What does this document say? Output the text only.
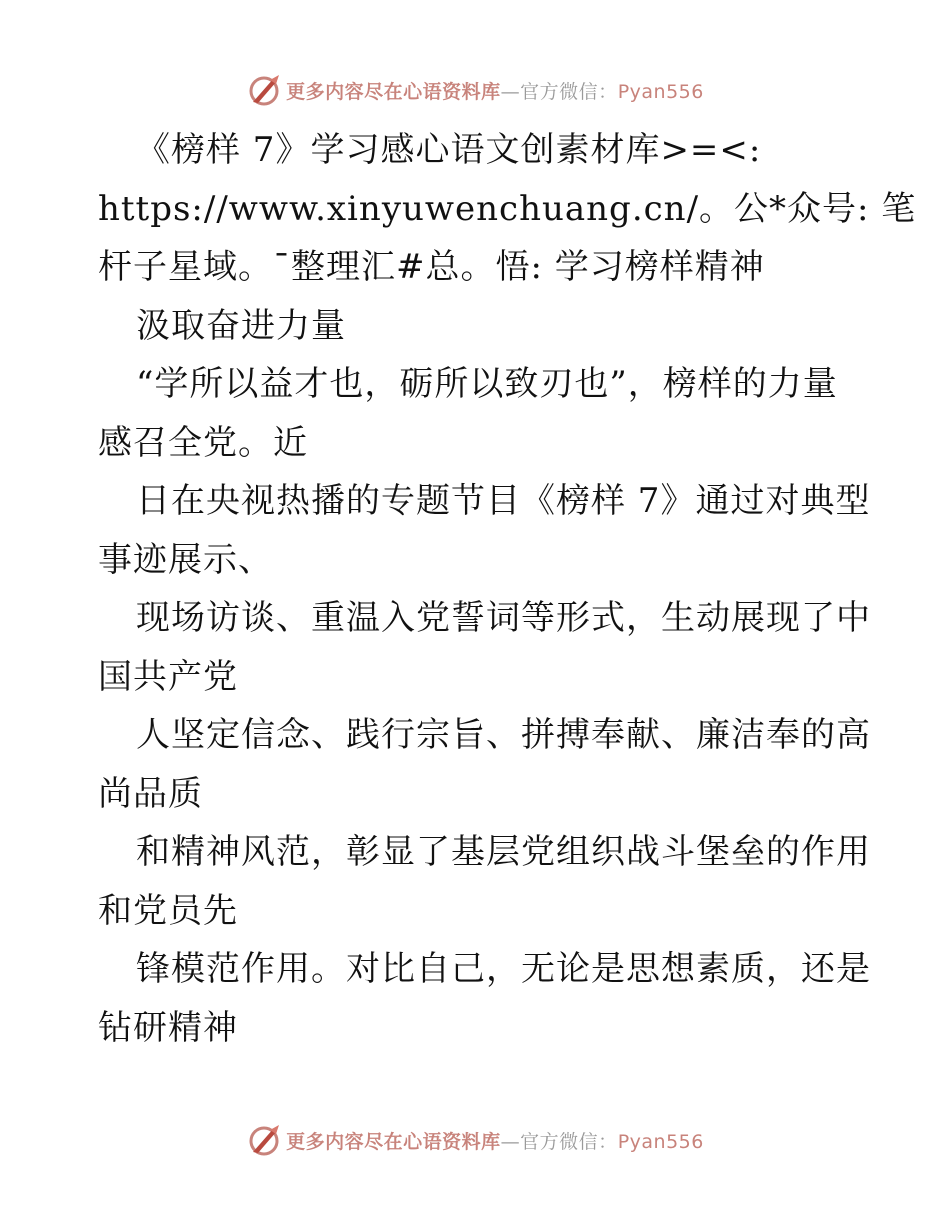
更多内容尽在心语资料库—官方微信：Pyan556
《榜样 7》学习感心语文创素材库>=<:
https://www.xinyuwenchuang.cn/。公*众号: 笔
杆子星域。¯整理汇#总。悟: 学习榜样精神
汲取奋进力量
“学所以益才也，砺所以致刃也”，榜样的力量
感召全党。近
日在央视热播的专题节目《榜样 7》通过对典型
事迹展示、
现场访谈、重温入党誓词等形式，生动展现了中
国共产党
人坚定信念、践行宗旨、拼搏奉献、廉洁奉的高
尚品质
和精神风范，彰显了基层党组织战斗堡垒的作用
和党员先
锋模范作用。对比自己，无论是思想素质，还是
钻研精神
更多内容尽在心语资料库—官方微信：Pyan556
